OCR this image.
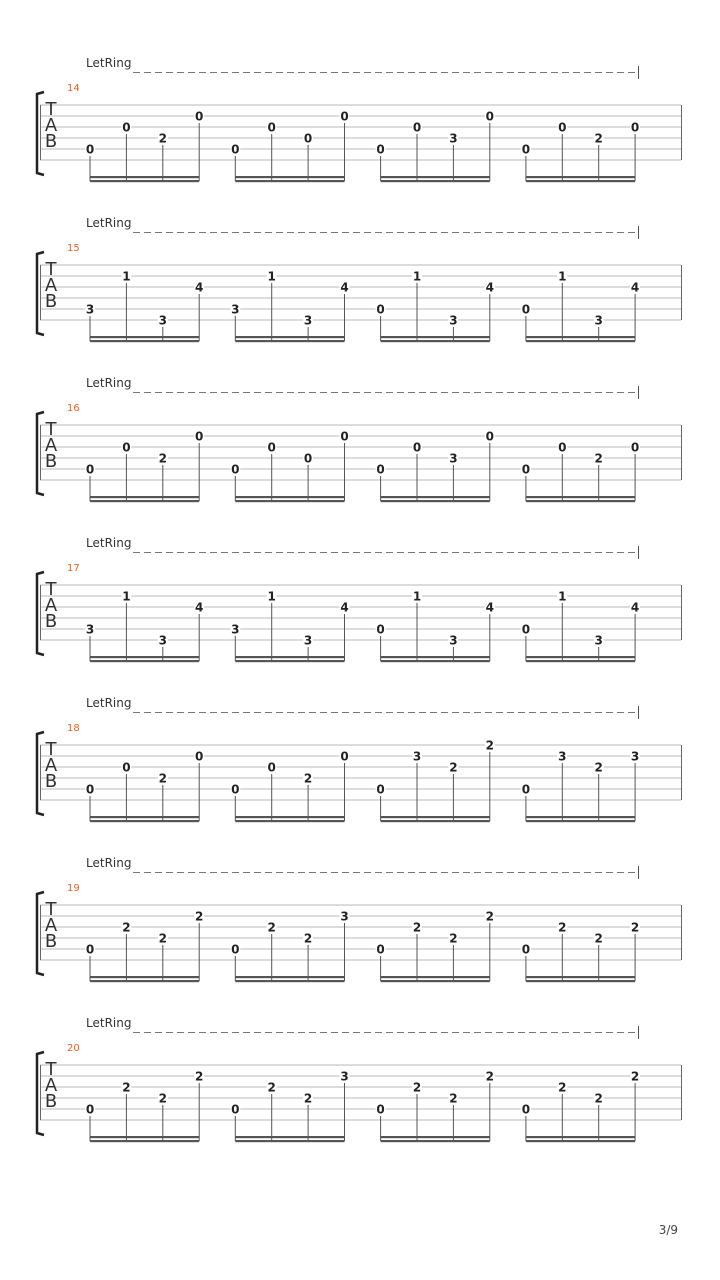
LetRing
14
T
A
B 0
0
2
0
0
0
0
0
0
0
3
0
0
0
2
0
LetRing
15
T
A
B 3
1
3
4
3
1
3
4
0
1
3
4
0
1
3
4
LetRing
16
T
A
B 0
0
2
0
0
0
0
0
0
0
3
0
0
0
2
0
LetRing
17
T
A
B 3
1
3
4
3
1
3
4
0
1
3
4
0
1
3
4
LetRing
18
T
A
B 0
0
2
0
0
0
2
0
0
3
2
2
0
3
2
3
LetRing
19
T
A
B 0
2
2
2
0
2
2
3
0
2
2
2
0
2
2
2
LetRing
20
T
A
B 0
2
2
2
0
2
2
3
0
2
2
2
0
2
2
2
3/9
